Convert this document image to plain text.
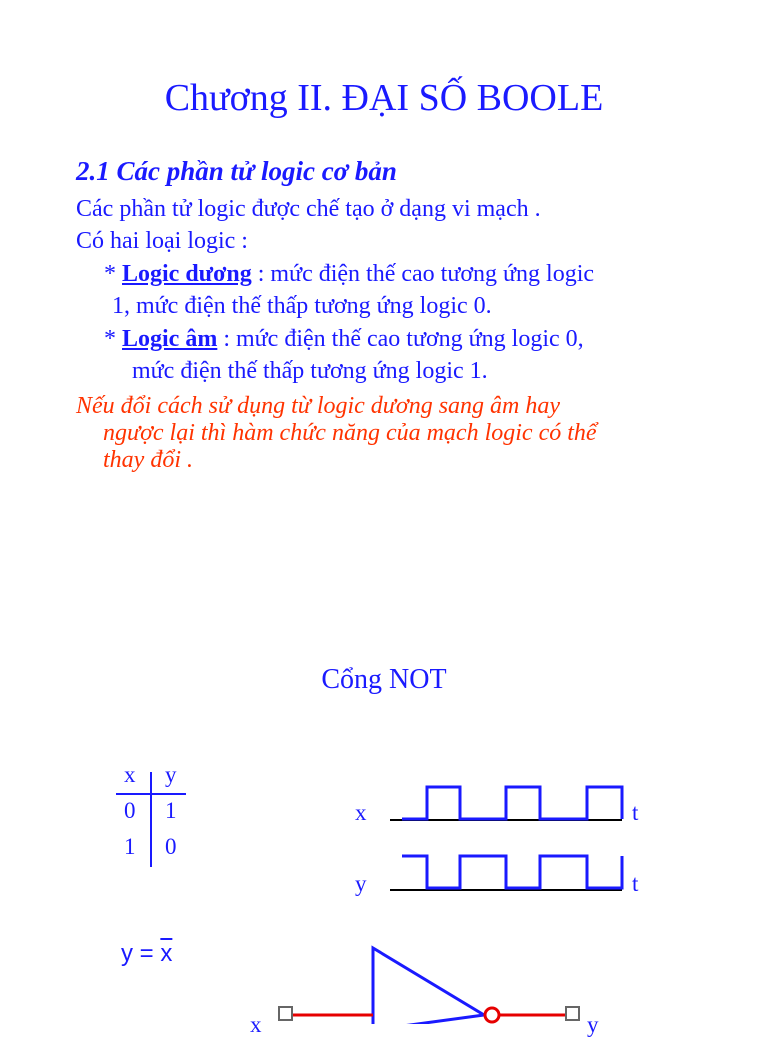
Chương II. ĐẠI SỐ BOOLE
2.1 Các phần tử logic cơ bản
Các phần tử logic được chế tạo ở dạng vi mạch .
Có hai loại logic :
* Logic dương : mức điện thế cao tương ứng logic
1, mức điện thế thấp tương ứng logic 0.
* Logic âm : mức điện thế cao tương ứng logic 0,
mức điện thế thấp tương ứng logic 1.
Nếu đổi cách sử dụng từ logic dương sang âm hay
ngược lại thì hàm chức năng của mạch logic có thể
thay đổi .
Cổng NOT
x y
0 1
1 0
x	t
y	t
x	y
$y = \overline{x}$
